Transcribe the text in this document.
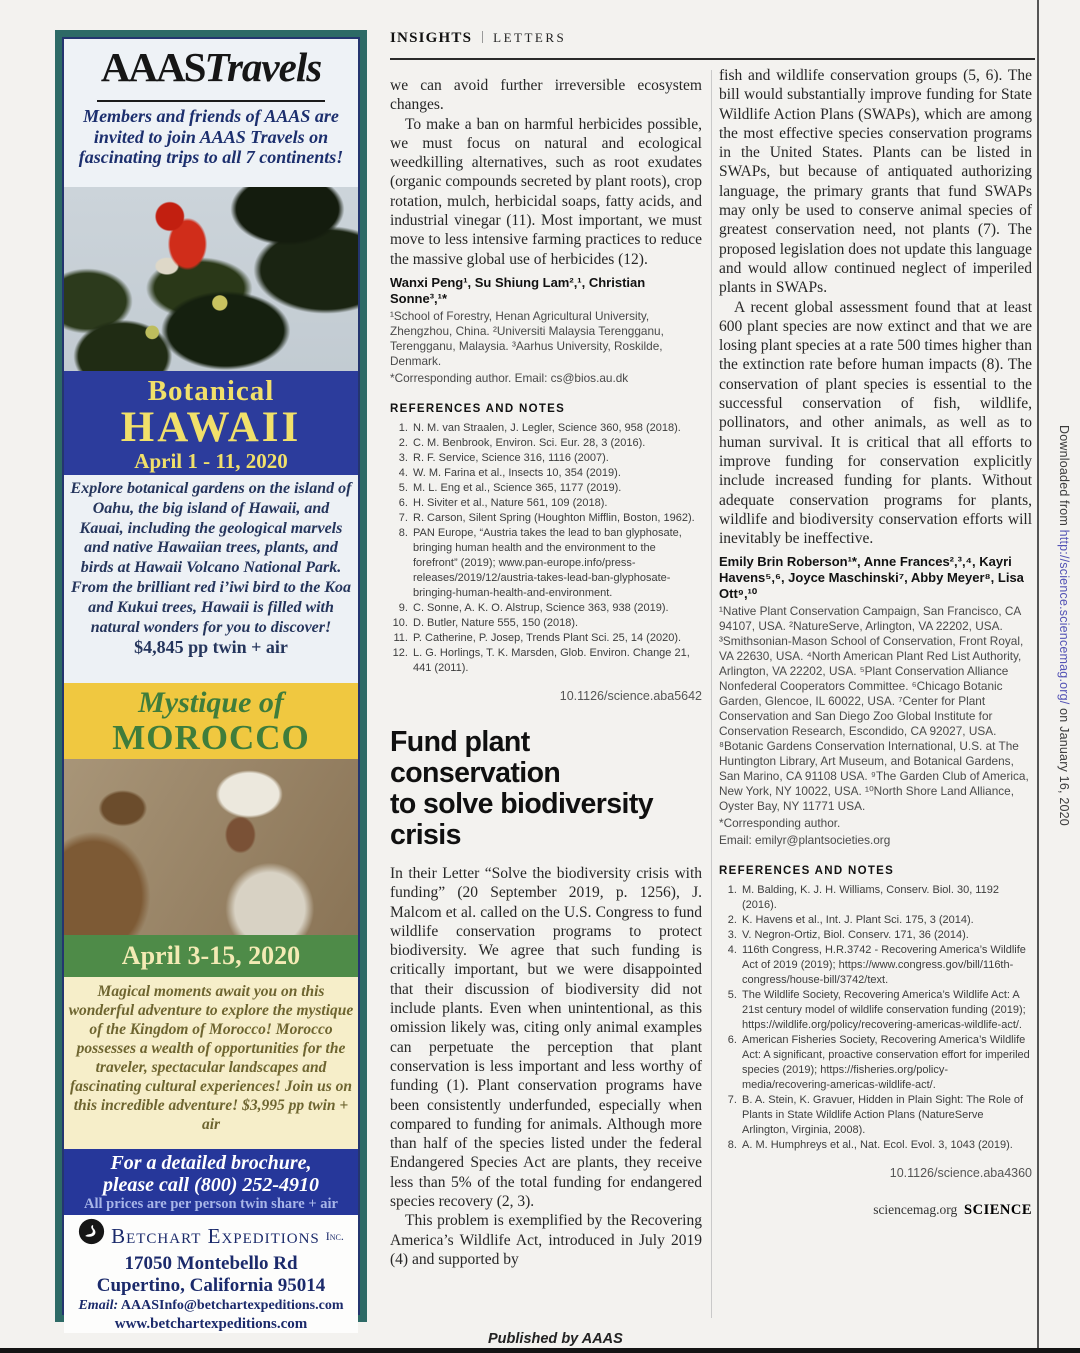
Downloaded from http://science.sciencemag.org/ on January 16, 2020
AAASTravels

Members and friends of AAAS are invited to join AAAS Travels on fascinating trips to all 7 continents!

Botanical
HAWAII
April 1 - 11, 2020

Explore botanical gardens on the island of Oahu, the big island of Hawaii, and Kauai, including the geological marvels and native Hawaiian trees, plants, and birds at Hawaii Volcano National Park. From the brilliant red i’iwi bird to the Koa and Kukui trees, Hawaii is filled with natural wonders for you to discover!

$4,845 pp twin + air

Mystique of
MOROCCO
April 3-15, 2020

Magical moments await you on this wonderful adventure to explore the mystique of the Kingdom of Morocco! Morocco possesses a wealth of opportunities for the traveler, spectacular landscapes and fascinating cultural experiences! Join us on this incredible adventure! $3,995 pp twin + air

For a detailed brochure,
please call (800) 252-4910
All prices are per person twin share + air
Betchart Expeditions Inc.
17050 Montebello Rd
Cupertino, California 95014
Email: AAASInfo@betchartexpeditions.com
www.betchartexpeditions.com
INSIGHTS LETTERS

we can avoid further irreversible ecosystem changes.

To make a ban on harmful herbicides possible, we must focus on natural and ecological weedkilling alternatives, such as root exudates (organic compounds secreted by plant roots), crop rotation, mulch, herbicidal soaps, fatty acids, and industrial vinegar (11). Most important, we must move to less intensive farming practices to reduce the massive global use of herbicides (12).

Wanxi Peng¹, Su Shiung Lam²,¹, Christian Sonne³,¹*
¹School of Forestry, Henan Agricultural University, Zhengzhou, China. ²Universiti Malaysia Terengganu, Terengganu, Malaysia. ³Aarhus University, Roskilde, Denmark.
*Corresponding author. Email: cs@bios.au.dk
REFERENCES AND NOTES
1. N. M. van Straalen, J. Legler, Science 360, 958 (2018).
2. C. M. Benbrook, Environ. Sci. Eur. 28, 3 (2016).
3. R. F. Service, Science 316, 1116 (2007).
4. W. M. Farina et al., Insects 10, 354 (2019).
5. M. L. Eng et al., Science 365, 1177 (2019).
6. H. Siviter et al., Nature 561, 109 (2018).
7. R. Carson, Silent Spring (Houghton Mifflin, Boston, 1962).
8. PAN Europe, “Austria takes the lead to ban glyphosate, bringing human health and the environment to the forefront” (2019); www.pan-europe.info/press-releases/2019/12/austria-takes-lead-ban-glyphosate-bringing-human-health-and-environment.
9. C. Sonne, A. K. O. Alstrup, Science 363, 938 (2019).
10. D. Butler, Nature 555, 150 (2018).
11. P. Catherine, P. Josep, Trends Plant Sci. 25, 14 (2020).
12. L. G. Horlings, T. K. Marsden, Glob. Environ. Change 21, 441 (2011).
10.1126/science.aba5642
Fund plant conservation
to solve biodiversity crisis

In their Letter “Solve the biodiversity crisis with funding” (20 September 2019, p. 1256), J. Malcom et al. called on the U.S. Congress to fund wildlife conservation programs to protect biodiversity. We agree that such funding is critically important, but we were disappointed that their discussion of biodiversity did not include plants. Even when unintentional, as this omission likely was, citing only animal examples can perpetuate the perception that plant conservation is less important and less worthy of funding (1). Plant conservation programs have been consistently underfunded, especially when compared to funding for animals. Although more than half of the species listed under the federal Endangered Species Act are plants, they receive less than 5% of the total funding for endangered species recovery (2, 3).

This problem is exemplified by the Recovering America’s Wildlife Act, introduced in July 2019 (4) and supported by

fish and wildlife conservation groups (5, 6). The bill would substantially improve funding for State Wildlife Action Plans (SWAPs), which are among the most effective species conservation programs in the United States. Plants can be listed in SWAPs, but because of antiquated authorizing language, the primary grants that fund SWAPs may only be used to conserve animal species of greatest conservation need, not plants (7). The proposed legislation does not update this language and would allow continued neglect of imperiled plants in SWAPs.

A recent global assessment found that at least 600 plant species are now extinct and that we are losing plant species at a rate 500 times higher than the extinction rate before human impacts (8). The conservation of plant species is essential to the successful conservation of fish, wildlife, pollinators, and other animals, as well as to human survival. It is critical that all efforts to improve funding for conservation explicitly include increased funding for plants. Without adequate conservation programs for plants, wildlife and biodiversity conservation efforts will inevitably be ineffective.

Emily Brin Roberson¹*, Anne Frances²,³,⁴, Kayri Havens⁵,⁶, Joyce Maschinski⁷, Abby Meyer⁸, Lisa Ott⁹,¹⁰
¹Native Plant Conservation Campaign, San Francisco, CA 94107, USA. ²NatureServe, Arlington, VA 22202, USA. ³Smithsonian-Mason School of Conservation, Front Royal, VA 22630, USA. ⁴North American Plant Red List Authority, Arlington, VA 22202, USA. ⁵Plant Conservation Alliance Nonfederal Cooperators Committee. ⁶Chicago Botanic Garden, Glencoe, IL 60022, USA. ⁷Center for Plant Conservation and San Diego Zoo Global Institute for Conservation Research, Escondido, CA 92027, USA. ⁸Botanic Gardens Conservation International, U.S. at The Huntington Library, Art Museum, and Botanical Gardens, San Marino, CA 91108 USA. ⁹The Garden Club of America, New York, NY 10022, USA. ¹⁰North Shore Land Alliance, Oyster Bay, NY 11771 USA.
*Corresponding author.
Email: emilyr@plantsocieties.org
REFERENCES AND NOTES
1. M. Balding, K. J. H. Williams, Conserv. Biol. 30, 1192 (2016).
2. K. Havens et al., Int. J. Plant Sci. 175, 3 (2014).
3. V. Negron-Ortiz, Biol. Conserv. 171, 36 (2014).
4. 116th Congress, H.R.3742 - Recovering America’s Wildlife Act of 2019 (2019); https://www.congress.gov/bill/116th-congress/house-bill/3742/text.
5. The Wildlife Society, Recovering America’s Wildlife Act: A 21st century model of wildlife conservation funding (2019); https://wildlife.org/policy/recovering-americas-wildlife-act/.
6. American Fisheries Society, Recovering America’s Wildlife Act: A significant, proactive conservation effort for imperiled species (2019); https://fisheries.org/policy-media/recovering-americas-wildlife-act/.
7. B. A. Stein, K. Gravuer, Hidden in Plain Sight: The Role of Plants in State Wildlife Action Plans (NatureServe Arlington, Virginia, 2008).
8. A. M. Humphreys et al., Nat. Ecol. Evol. 3, 1043 (2019).
10.1126/science.aba4360
sciencemag.org SCIENCE
Published by AAAS
